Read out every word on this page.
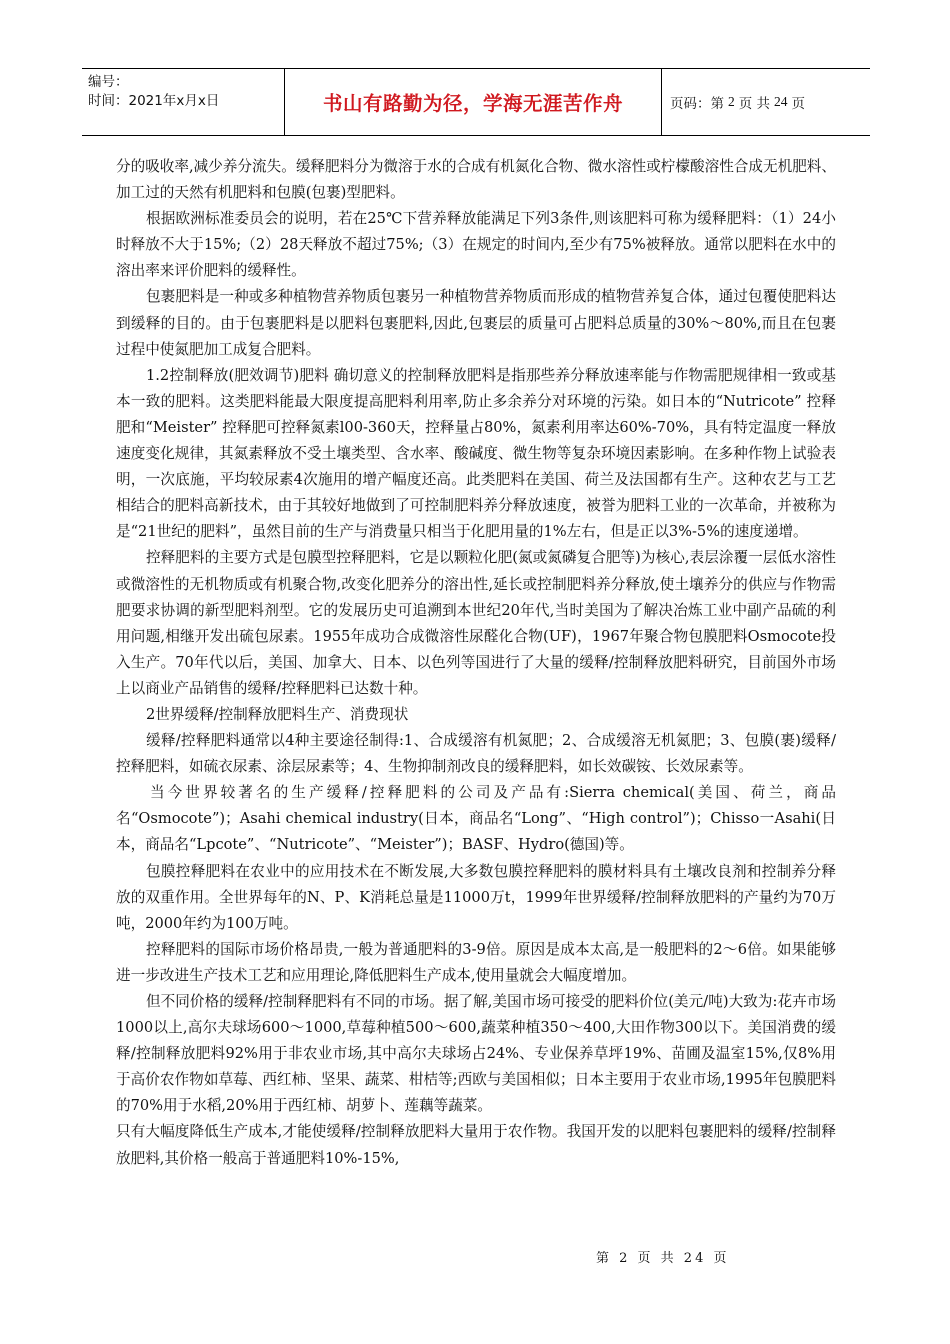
编号：
时间：2021年x月x日	书山有路勤为径，学海无涯苦作舟	页码：第 2 页 共 24 页

分的吸收率,减少养分流失。缓释肥料分为微溶于水的合成有机氮化合物、微水溶性或柠檬酸溶性合成无机肥料、加工过的天然有机肥料和包膜(包裹)型肥料。

根据欧洲标准委员会的说明，若在25℃下营养释放能满足下列3条件,则该肥料可称为缓释肥料：（1）24小时释放不大于15%;（2）28天释放不超过75%;（3）在规定的时间内,至少有75%被释放。通常以肥料在水中的溶出率来评价肥料的缓释性。

包裹肥料是一种或多种植物营养物质包裹另一种植物营养物质而形成的植物营养复合体，通过包覆使肥料达到缓释的目的。由于包裹肥料是以肥料包裹肥料,因此,包裹层的质量可占肥料总质量的30%～80%,而且在包裹过程中使氮肥加工成复合肥料。

1.2控制释放(肥效调节)肥料 确切意义的控制释放肥料是指那些养分释放速率能与作物需肥规律相一致或基本一致的肥料。这类肥料能最大限度提高肥料利用率,防止多余养分对环境的污染。如日本的“Nutricote” 控释肥和“Meister” 控释肥可控释氮素l00-360天，控释量占80%，氮素利用率达60%-70%，具有特定温度一释放速度变化规律，其氮素释放不受土壤类型、含水率、酸碱度、微生物等复杂环境因素影响。在多种作物上试验表明，一次底施，平均较尿素4次施用的增产幅度还高。此类肥料在美国、荷兰及法国都有生产。这种农艺与工艺相结合的肥料高新技术，由于其较好地做到了可控制肥料养分释放速度，被誉为肥料工业的一次革命，并被称为是“21世纪的肥料”，虽然目前的生产与消费量只相当于化肥用量的1%左右，但是正以3%-5%的速度递增。

控释肥料的主要方式是包膜型控释肥料，它是以颗粒化肥(氮或氮磷复合肥等)为核心,表层涂覆一层低水溶性或微溶性的无机物质或有机聚合物,改变化肥养分的溶出性,延长或控制肥料养分释放,使土壤养分的供应与作物需肥要求协调的新型肥料剂型。它的发展历史可追溯到本世纪20年代,当时美国为了解决冶炼工业中副产品硫的利用问题,相继开发出硫包尿素。1955年成功合成微溶性尿醛化合物(UF)，1967年聚合物包膜肥料Osmocote投入生产。70年代以后，美国、加拿大、日本、以色列等国进行了大量的缓释/控制释放肥料研究，目前国外市场上以商业产品销售的缓释/控释肥料已达数十种。

2世界缓释/控制释放肥料生产、消费现状

缓释/控释肥料通常以4种主要途径制得:1、合成缓溶有机氮肥；2、合成缓溶无机氮肥；3、包膜(裹)缓释/控释肥料，如硫衣尿素、涂层尿素等；4、生物抑制剂改良的缓释肥料，如长效碳铵、长效尿素等。

当今世界较著名的生产缓释/控释肥料的公司及产品有:Sierra chemical(美国、荷兰，商品名“Osmocote”)；Asahi chemical industry(日本，商品名“Long”、“High control”)；Chisso一Asahi(日本，商品名“Lpcote”、“Nutricote”、“Meister”)；BASF、Hydro(德国)等。

包膜控释肥料在农业中的应用技术在不断发展,大多数包膜控释肥料的膜材料具有土壤改良剂和控制养分释放的双重作用。全世界每年的N、P、K消耗总量是11000万t，1999年世界缓释/控制释放肥料的产量约为70万吨，2000年约为100万吨。

控释肥料的国际市场价格昂贵,一般为普通肥料的3-9倍。原因是成本太高,是一般肥料的2～6倍。如果能够进一步改进生产技术工艺和应用理论,降低肥料生产成本,使用量就会大幅度增加。

但不同价格的缓释/控制释肥料有不同的市场。据了解,美国市场可接受的肥料价位(美元/吨)大致为:花卉市场1000以上,高尔夫球场600～1000,草莓种植500～600,蔬菜种植350～400,大田作物300以下。美国消费的缓释/控制释放肥料92%用于非农业市场,其中高尔夫球场占24%、专业保养草坪19%、苗圃及温室15%,仅8%用于高价农作物如草莓、西红柿、坚果、蔬菜、柑桔等;西欧与美国相似；日本主要用于农业市场,1995年包膜肥料的70%用于水稻,20%用于西红柿、胡萝卜、莲藕等蔬菜。

只有大幅度降低生产成本,才能使缓释/控制释放肥料大量用于农作物。我国开发的以肥料包裹肥料的缓释/控制释放肥料,其价格一般高于普通肥料10%-15%,

第 2 页 共 24 页
